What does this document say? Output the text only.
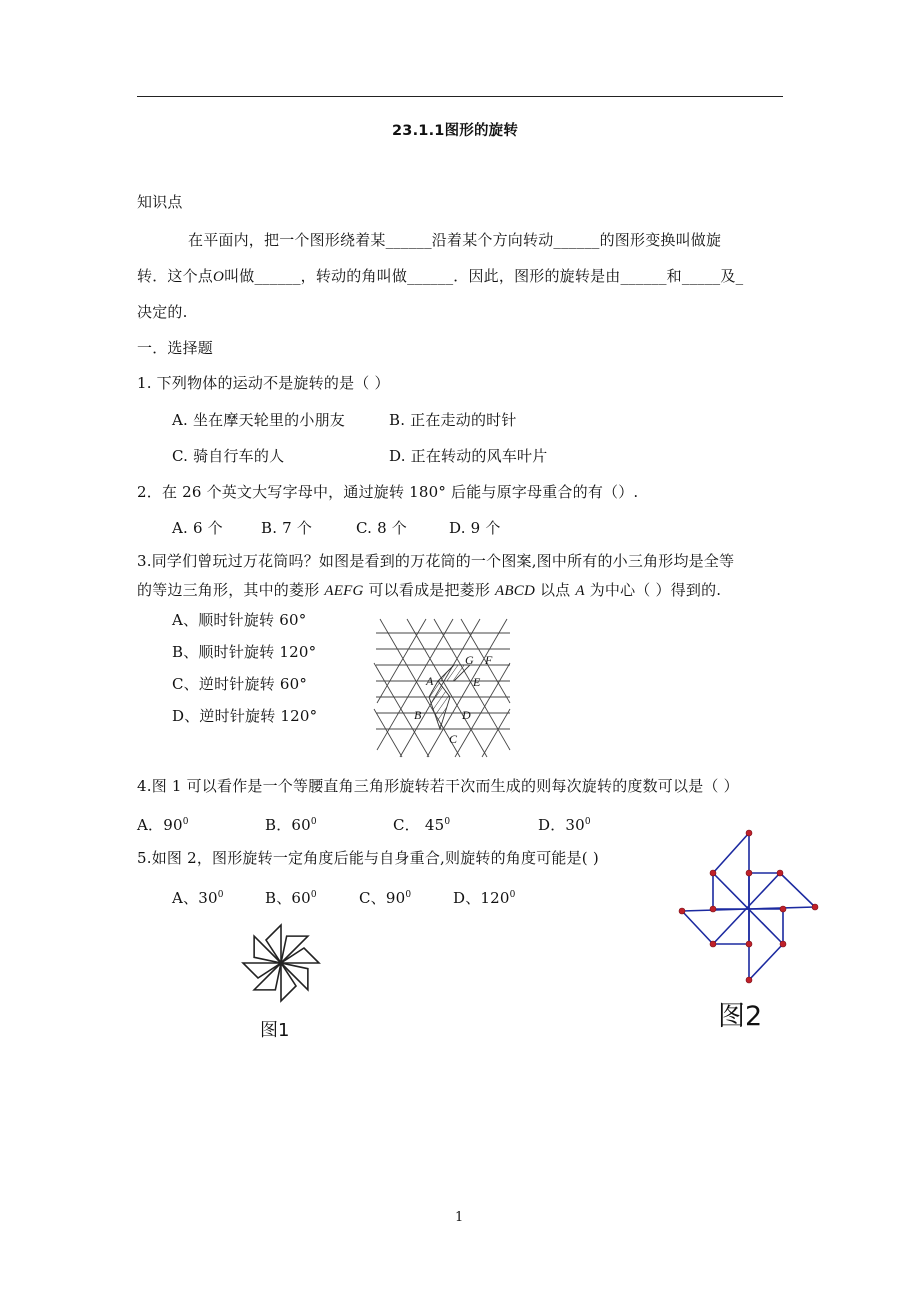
23.1.1图形的旋转
知识点
在平面内，把一个图形绕着某______沿着某个方向转动______的图形变换叫做旋
转．这个点O叫做______，转动的角叫做______．因此，图形的旋转是由______和_____及_
决定的.
一．选择题
1. 下列物体的运动不是旋转的是（ ）
A. 坐在摩天轮里的小朋友	B. 正在走动的时针
C. 骑自行车的人	D. 正在转动的风车叶片
2．在 26 个英文大写字母中，通过旋转 180° 后能与原字母重合的有（）.
A. 6 个	B. 7 个	C. 8 个	D. 9 个
3.同学们曾玩过万花筒吗？如图是看到的万花筒的一个图案,图中所有的小三角形均是全等
的等边三角形，其中的菱形 AEFG 可以看成是把菱形 ABCD 以点 A 为中心（ ）得到的.
A、顺时针旋转 60°
B、顺时针旋转 120°
C、逆时针旋转 60°
D、逆时针旋转 120°
A
B
C
D
E
F
G
4.图 1 可以看作是一个等腰直角三角形旋转若干次而生成的则每次旋转的度数可以是（ ）
A．$90^0$	B．$60^0$	C． $45^0$	D．$30^0$
5.如图 2，图形旋转一定角度后能与自身重合,则旋转的角度可能是( )
A、$30^0$	B、$60^0$	C、$90^0$	D、$120^0$
图1	图2
1
